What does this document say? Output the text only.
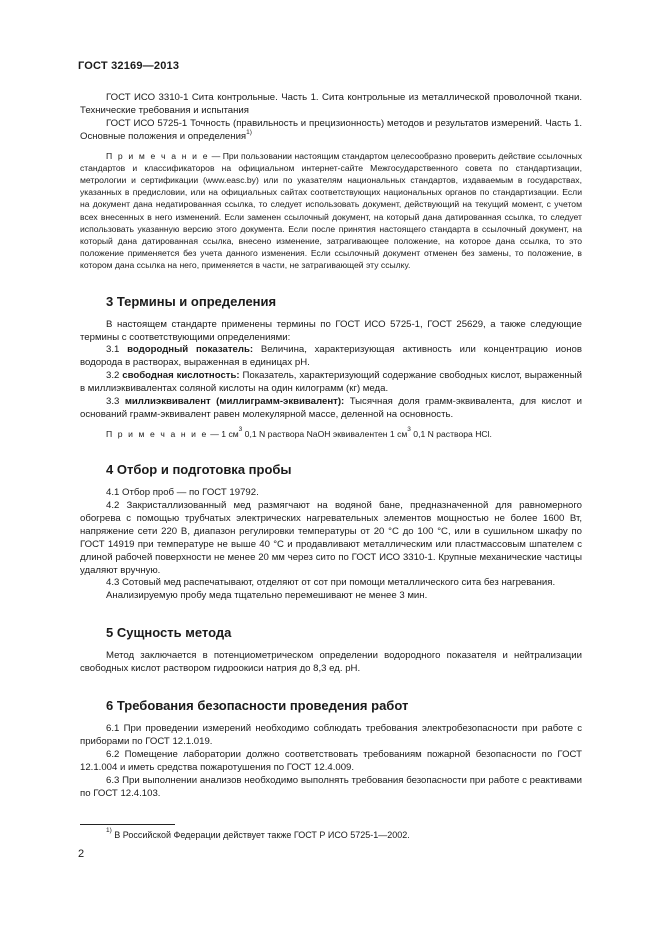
ГОСТ 32169—2013

ГОСТ ИСО 3310-1 Сита контрольные. Часть 1. Сита контрольные из металлической проволочной ткани. Технические требования и испытания

ГОСТ ИСО 5725-1 Точность (правильность и прецизионность) методов и результатов измерений. Часть 1. Основные положения и определения$^{1)}$

П р и м е ч а н и е — При пользовании настоящим стандартом целесообразно проверить действие ссылочных стандартов и классификаторов на официальном интернет-сайте Межгосударственного совета по стандартизации, метрологии и сертификации (www.easc.by) или по указателям национальных стандартов, издаваемым в государствах, указанных в предисловии, или на официальных сайтах соответствующих национальных органов по стандартизации. Если на документ дана недатированная ссылка, то следует использовать документ, действующий на текущий момент, с учетом всех внесенных в него изменений. Если заменен ссылочный документ, на который дана датированная ссылка, то следует использовать указанную версию этого документа. Если после принятия настоящего стандарта в ссылочный документ, на который дана датированная ссылка, внесено изменение, затрагивающее положение, на которое дана ссылка, то это положение применяется без учета данного изменения. Если ссылочный документ отменен без замены, то положение, в котором дана ссылка на него, применяется в части, не затрагивающей эту ссылку.

3 Термины и определения

В настоящем стандарте применены термины по ГОСТ ИСО 5725-1, ГОСТ 25629, а также следующие термины с соответствующими определениями:

3.1 водородный показатель: Величина, характеризующая активность или концентрацию ионов водорода в растворах, выраженная в единицах pH.

3.2 свободная кислотность: Показатель, характеризующий содержание свободных кислот, выраженный в миллиэквивалентах соляной кислоты на один килограмм (кг) меда.

3.3 миллиэквивалент (миллиграмм-эквивалент): Тысячная доля грамм-эквивалента, для кислот и оснований грамм-эквивалент равен молекулярной массе, деленной на основность.

П р и м е ч а н и е — 1 $см^3$ 0,1 N раствора NaOH эквивалентен 1 $см^3$ 0,1 N раствора HCl.

4 Отбор и подготовка пробы

4.1 Отбор проб — по ГОСТ 19792.

4.2 Закристаллизованный мед размягчают на водяной бане, предназначенной для равномерного обогрева с помощью трубчатых электрических нагревательных элементов мощностью не более 1600 Вт, напряжение сети 220 В, диапазон регулировки температуры от 20 °С до 100 °С, или в сушильном шкафу по ГОСТ 14919 при температуре не выше 40 °С и продавливают металлическим или пластмассовым шпателем с длиной рабочей поверхности не менее 20 мм через сито по ГОСТ ИСО 3310-1. Крупные механические частицы удаляют вручную.

4.3 Сотовый мед распечатывают, отделяют от сот при помощи металлического сита без нагревания.

Анализируемую пробу меда тщательно перемешивают не менее 3 мин.

5 Сущность метода

Метод заключается в потенциометрическом определении водородного показателя и нейтрализации свободных кислот раствором гидроокиси натрия до 8,3 ед. pH.

6 Требования безопасности проведения работ

6.1 При проведении измерений необходимо соблюдать требования электробезопасности при работе с приборами по ГОСТ 12.1.019.

6.2 Помещение лаборатории должно соответствовать требованиям пожарной безопасности по ГОСТ 12.1.004 и иметь средства пожаротушения по ГОСТ 12.4.009.

6.3 При выполнении анализов необходимо выполнять требования безопасности при работе с реактивами по ГОСТ 12.4.103.

$^{1)}$ В Российской Федерации действует также ГОСТ Р ИСО 5725-1—2002.
2
